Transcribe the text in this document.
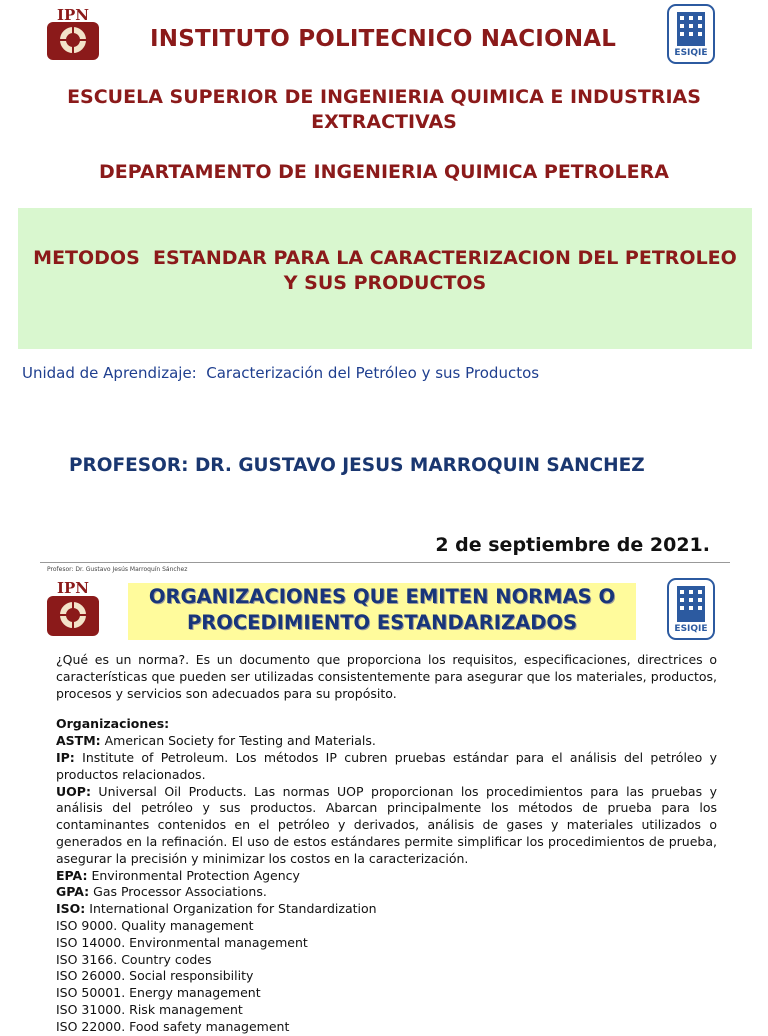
IPN
INSTITUTO POLITECNICO NACIONAL
ESIQIE
ESCUELA SUPERIOR DE INGENIERIA QUIMICA E INDUSTRIAS EXTRACTIVAS
DEPARTAMENTO DE INGENIERIA QUIMICA PETROLERA
METODOS  ESTANDAR PARA LA CARACTERIZACION DEL PETROLEO
Y SUS PRODUCTOS
Unidad de Aprendizaje:  Caracterización del Petróleo y sus Productos
PROFESOR: DR. GUSTAVO JESUS MARROQUIN SANCHEZ
2 de septiembre de 2021.
Profesor: Dr. Gustavo Jesús Marroquín Sánchez
IPN	ORGANIZACIONES QUE EMITEN NORMAS O
PROCEDIMIENTO ESTANDARIZADOS	ESIQIE

¿Qué es un norma?. Es un documento que proporciona los requisitos, especificaciones, directrices o características que pueden ser utilizadas consistentemente para asegurar que los materiales, productos, procesos y servicios son adecuados para su propósito.

Organizaciones:

ASTM: American Society for Testing and Materials.

IP: Institute of Petroleum. Los métodos IP cubren pruebas estándar para el análisis del petróleo y productos relacionados.

UOP: Universal Oil Products. Las normas UOP proporcionan los procedimientos para las pruebas y análisis del petróleo y sus productos. Abarcan principalmente los métodos de prueba para los contaminantes contenidos en el petróleo y derivados, análisis de gases y materiales utilizados o generados en la refinación. El uso de estos estándares permite simplificar los procedimientos de prueba, asegurar la precisión y minimizar los costos en la caracterización.

EPA: Environmental Protection Agency

GPA: Gas Processor Associations.

ISO: International Organization for Standardization

ISO 9000. Quality management

ISO 14000. Environmental management

ISO 3166. Country codes

ISO 26000. Social responsibility

ISO 50001. Energy management

ISO 31000. Risk management

ISO 22000. Food safety management
